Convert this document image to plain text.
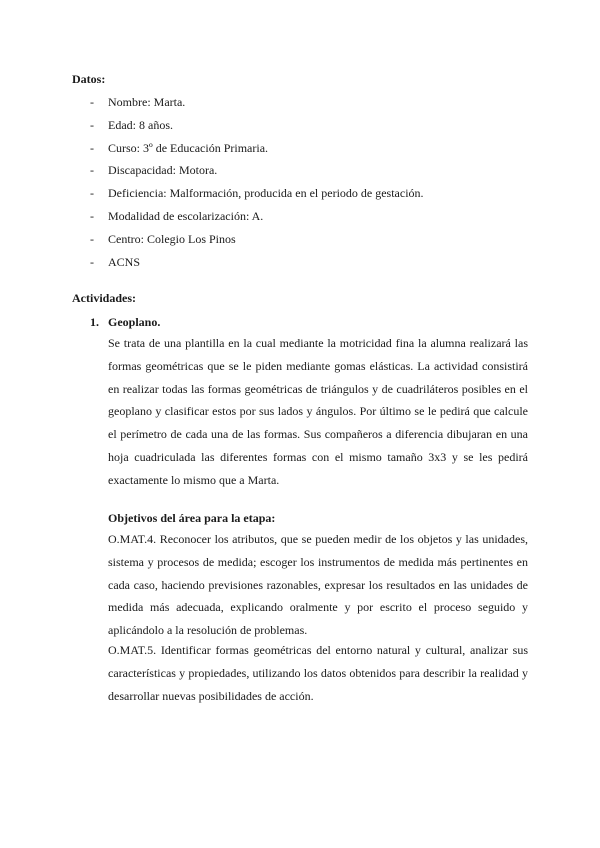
Datos:
- Nombre: Marta.
- Edad: 8 años.
- Curso: 3º de Educación Primaria.
- Discapacidad: Motora.
- Deficiencia: Malformación, producida en el periodo de gestación.
- Modalidad de escolarización: A.
- Centro: Colegio Los Pinos
- ACNS
Actividades:
1. Geoplano.

Se trata de una plantilla en la cual mediante la motricidad fina la alumna realizará las formas geométricas que se le piden mediante gomas elásticas. La actividad consistirá en realizar todas las formas geométricas de triángulos y de cuadriláteros posibles en el geoplano y clasificar estos por sus lados y ángulos. Por último se le pedirá que calcule el perímetro de cada una de las formas. Sus compañeros a diferencia dibujaran en una hoja cuadriculada las diferentes formas con el mismo tamaño 3x3 y se les pedirá exactamente lo mismo que a Marta.

Objetivos del área para la etapa:

O.MAT.4. Reconocer los atributos, que se pueden medir de los objetos y las unidades, sistema y procesos de medida; escoger los instrumentos de medida más pertinentes en cada caso, haciendo previsiones razonables, expresar los resultados en las unidades de medida más adecuada, explicando oralmente y por escrito el proceso seguido y aplicándolo a la resolución de problemas.

O.MAT.5. Identificar formas geométricas del entorno natural y cultural, analizar sus características y propiedades, utilizando los datos obtenidos para describir la realidad y desarrollar nuevas posibilidades de acción.
